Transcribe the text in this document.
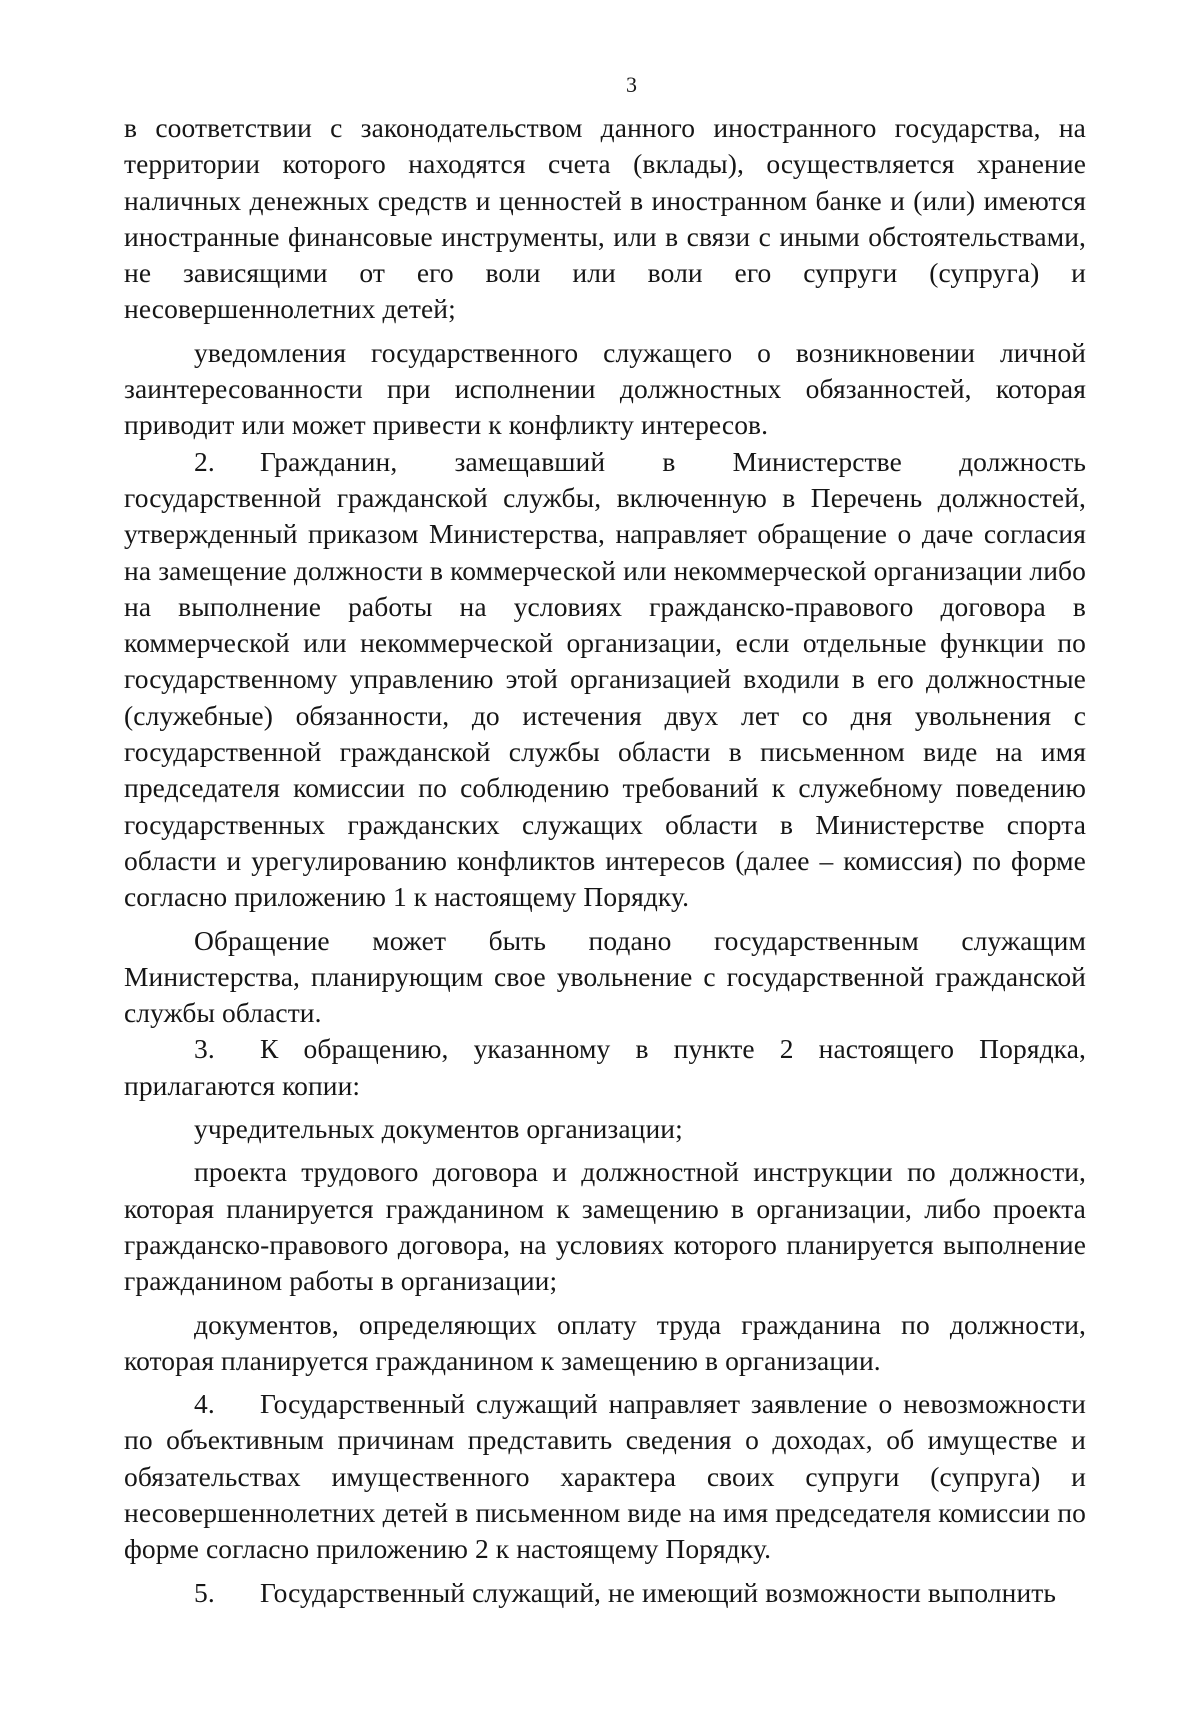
3

в соответствии с законодательством данного иностранного государства, на территории которого находятся счета (вклады), осуществляется хранение наличных денежных средств и ценностей в иностранном банке и (или) имеются иностранные финансовые инструменты, или в связи с иными обстоятельствами, не зависящими от его воли или воли его супруги (супруга) и несовершеннолетних детей;

уведомления государственного служащего о возникновении личной заинтересованности при исполнении должностных обязанностей, которая приводит или может привести к конфликту интересов.

2. Гражданин, замещавший в Министерстве должность государственной гражданской службы, включенную в Перечень должностей, утвержденный приказом Министерства, направляет обращение о даче согласия на замещение должности в коммерческой или некоммерческой организации либо на выполнение работы на условиях гражданско-правового договора в коммерческой или некоммерческой организации, если отдельные функции по государственному управлению этой организацией входили в его должностные (служебные) обязанности, до истечения двух лет со дня увольнения с государственной гражданской службы области в письменном виде на имя председателя комиссии по соблюдению требований к служебному поведению государственных гражданских служащих области в Министерстве спорта области и урегулированию конфликтов интересов (далее – комиссия) по форме согласно приложению 1 к настоящему Порядку.

Обращение может быть подано государственным служащим Министерства, планирующим свое увольнение с государственной гражданской службы области.

3. К обращению, указанному в пункте 2 настоящего Порядка, прилагаются копии:

учредительных документов организации;

проекта трудового договора и должностной инструкции по должности, которая планируется гражданином к замещению в организации, либо проекта гражданско-правового договора, на условиях которого планируется выполнение гражданином работы в организации;

документов, определяющих оплату труда гражданина по должности, которая планируется гражданином к замещению в организации.

4. Государственный служащий направляет заявление о невозможности по объективным причинам представить сведения о доходах, об имуществе и обязательствах имущественного характера своих супруги (супруга) и несовершеннолетних детей в письменном виде на имя председателя комиссии по форме согласно приложению 2 к настоящему Порядку.

5. Государственный служащий, не имеющий возможности выполнить
